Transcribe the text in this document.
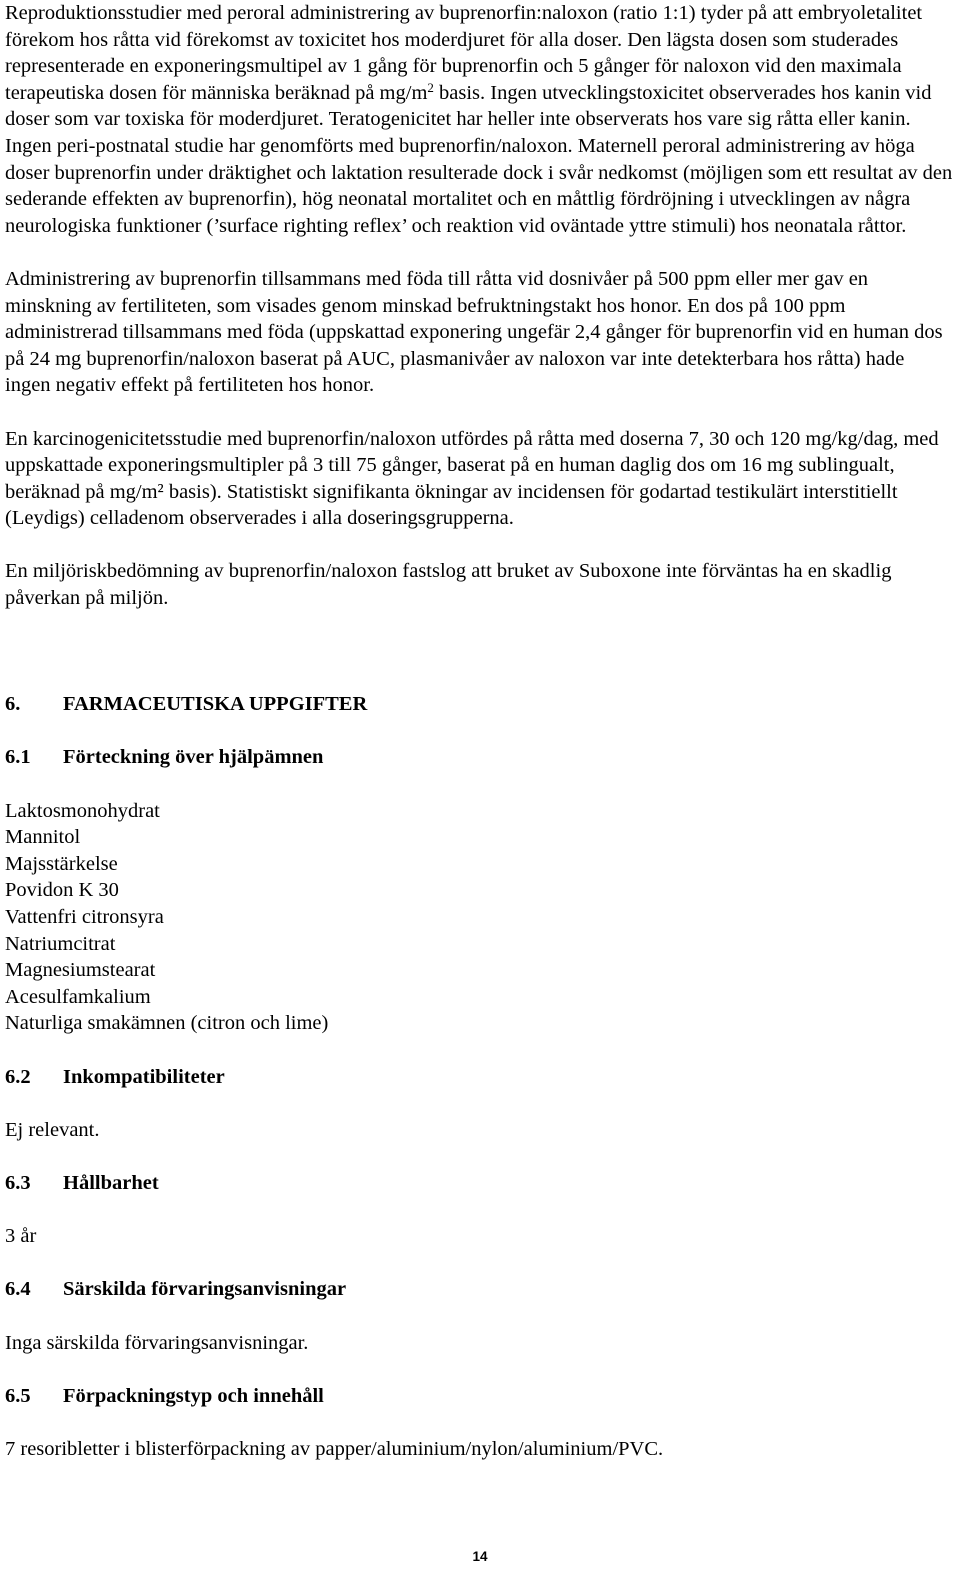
Reproduktionsstudier med peroral administrering av buprenorfin:naloxon (ratio 1:1) tyder på att embryoletalitet förekom hos råtta vid förekomst av toxicitet hos moderdjuret för alla doser. Den lägsta dosen som studerades representerade en exponeringsmultipel av 1 gång för buprenorfin och 5 gånger för naloxon vid den maximala terapeutiska dosen för människa beräknad på $mg/m^2$ basis. Ingen utvecklingstoxicitet observerades hos kanin vid doser som var toxiska för moderdjuret. Teratogenicitet har heller inte observerats hos vare sig råtta eller kanin. Ingen peri-postnatal studie har genomförts med buprenorfin/naloxon. Maternell peroral administrering av höga doser buprenorfin under dräktighet och laktation resulterade dock i svår nedkomst (möjligen som ett resultat av den sederande effekten av buprenorfin), hög neonatal mortalitet och en måttlig fördröjning i utvecklingen av några neurologiska funktioner (’surface righting reflex’ och reaktion vid oväntade yttre stimuli) hos neonatala råttor.

Administrering av buprenorfin tillsammans med föda till råtta vid dosnivåer på 500 ppm eller mer gav en minskning av fertiliteten, som visades genom minskad befruktningstakt hos honor. En dos på 100 ppm administrerad tillsammans med föda (uppskattad exponering ungefär 2,4 gånger för buprenorfin vid en human dos på 24 mg buprenorfin/naloxon baserat på AUC, plasmanivåer av naloxon var inte detekterbara hos råtta) hade ingen negativ effekt på fertiliteten hos honor.

En karcinogenicitetsstudie med buprenorfin/naloxon utfördes på råtta med doserna 7, 30 och 120 mg/kg/dag, med uppskattade exponeringsmultipler på 3 till 75 gånger, baserat på en human daglig dos om 16 mg sublingualt, beräknad på mg/m² basis). Statistiskt signifikanta ökningar av incidensen för godartad testikulärt interstitiellt (Leydigs) celladenom observerades i alla doseringsgrupperna.

En miljöriskbedömning av buprenorfin/naloxon fastslog att bruket av Suboxone inte förväntas ha en skadlig påverkan på miljön.

6.	FARMACEUTISKA UPPGIFTER
6.1	Förteckning över hjälpämnen
Laktosmonohydrat
Mannitol
Majsstärkelse
Povidon K 30
Vattenfri citronsyra
Natriumcitrat
Magnesiumstearat
Acesulfamkalium
Naturliga smakämnen (citron och lime)
6.2	Inkompatibiliteter

Ej relevant.

6.3	Hållbarhet

3 år

6.4	Särskilda förvaringsanvisningar

Inga särskilda förvaringsanvisningar.

6.5	Förpackningstyp och innehåll

7 resoribletter i blisterförpackning av papper/aluminium/nylon/aluminium/PVC.

14
